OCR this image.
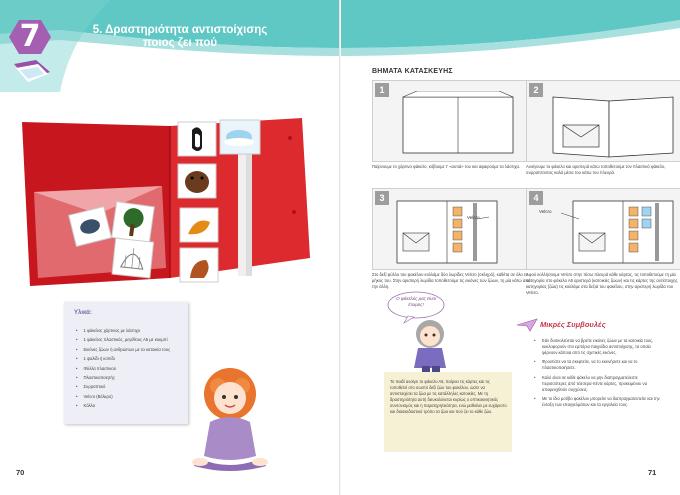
7	5. Δραστηριότητα αντιστοίχισης
ποιος ζει πού
Υλικά:
• 1 φάκελος χάρτινος με λάστιχο
• 1 φάκελος πλαστικός, μεγέθους Α5 με κουμπί
• Εικόνες ζώων ή ανθρώπων με τα κατοικία τους
• 1 ψαλίδι ή κοπίδι
• Φύλλα πλαστικού
• Πλαστικοποιητής
• Συρραπτικό
• Velcro (Βέλκρο)
• Κόλλα
ΒΗΜΑΤΑ ΚΑΤΑΣΚΕΥΗΣ
1
Παίρνουμε το χάρτινο φάκελο, κόβουμε τ’ «αυτιά» του και αφαιρούμε τα λάστιχα.
2
Ανοίγουμε το φάκελο και αριστερά κάτω τοποθετούμε τον πλαστικό φάκελο, συρραπτοντας καλά μέσα του κάτω του πλευρά.
3
Velcro
Στο δεξί φύλλο του φακέλου κολλάμε δύο λωρίδες Velcro (σκληρό), καθέτα σε όλο το μήκος του. Στην αριστερή λωρίδα τοποθετούμε τις εικόνες των ζώων, τη μία κάτω από την άλλη.
4
Velcro
Αφού κολλήσουμε Velcro στην πίσω πλευρά κάθε κάρτας, τις τοποθετούμε τη μία κατηγορία στο φάκελο Α5 αριστερά (κατοικίες ζώων) και τις κάρτες της αντίστοιχης κατηγορίας (ζώα) τις κολλάμε στα δεξιά του φακέλου, στην αριστερή λωρίδα του Velcro.
Ο φάκελός μας είναι έτοιμος!

Το παιδί ανοίγει το φάκελο Α5, παίρνει τις κάρτες και τις τοποθετεί στο σωστό δεξί ζώο του φακέλου, ώστε να αντιστοιχίσει τα ζώα με τις κατάλληλες κατοικίες. Με τη δραστηριότητα αυτή διευκολύνεται κυρίως ο οπτικοκινητικός συντονισμός και η παρατηρητικότητα, ενώ μαθαίνει με ευχάριστο και διασκεδαστικό τρόπο τα ζώα και πού ζει το κάθε ζώο.

Μικρές Συμβουλές
• Εάν δυσκολεύεται να βρείτε εικόνες ζώων με τα κατοικία τους, κυκλοφορούν στο εμπόριο παιχνίδια αντιστοίχισης, τα οποία φέρνουν κάποια από τις σχετικές εικόνες.
• Φροντίστε να τα σκεφτείτε, να το εκεινήσετε και να το πλαστικοποιήσετε.
• Καλό είναι σε κάθε φάκελο να μην διαπραγματεύεστε περισσότερες από τέσσερα-πέντε κάρτες, προκειμένου να αποφευχθούν συγχύσεις.
• Με το ίδιο μοτίβο φακέλου μπορείτε να διαπραγματευτείτε και την ένταξη των επαγγελμάτων και τα εργαλεία τους.
70	71
